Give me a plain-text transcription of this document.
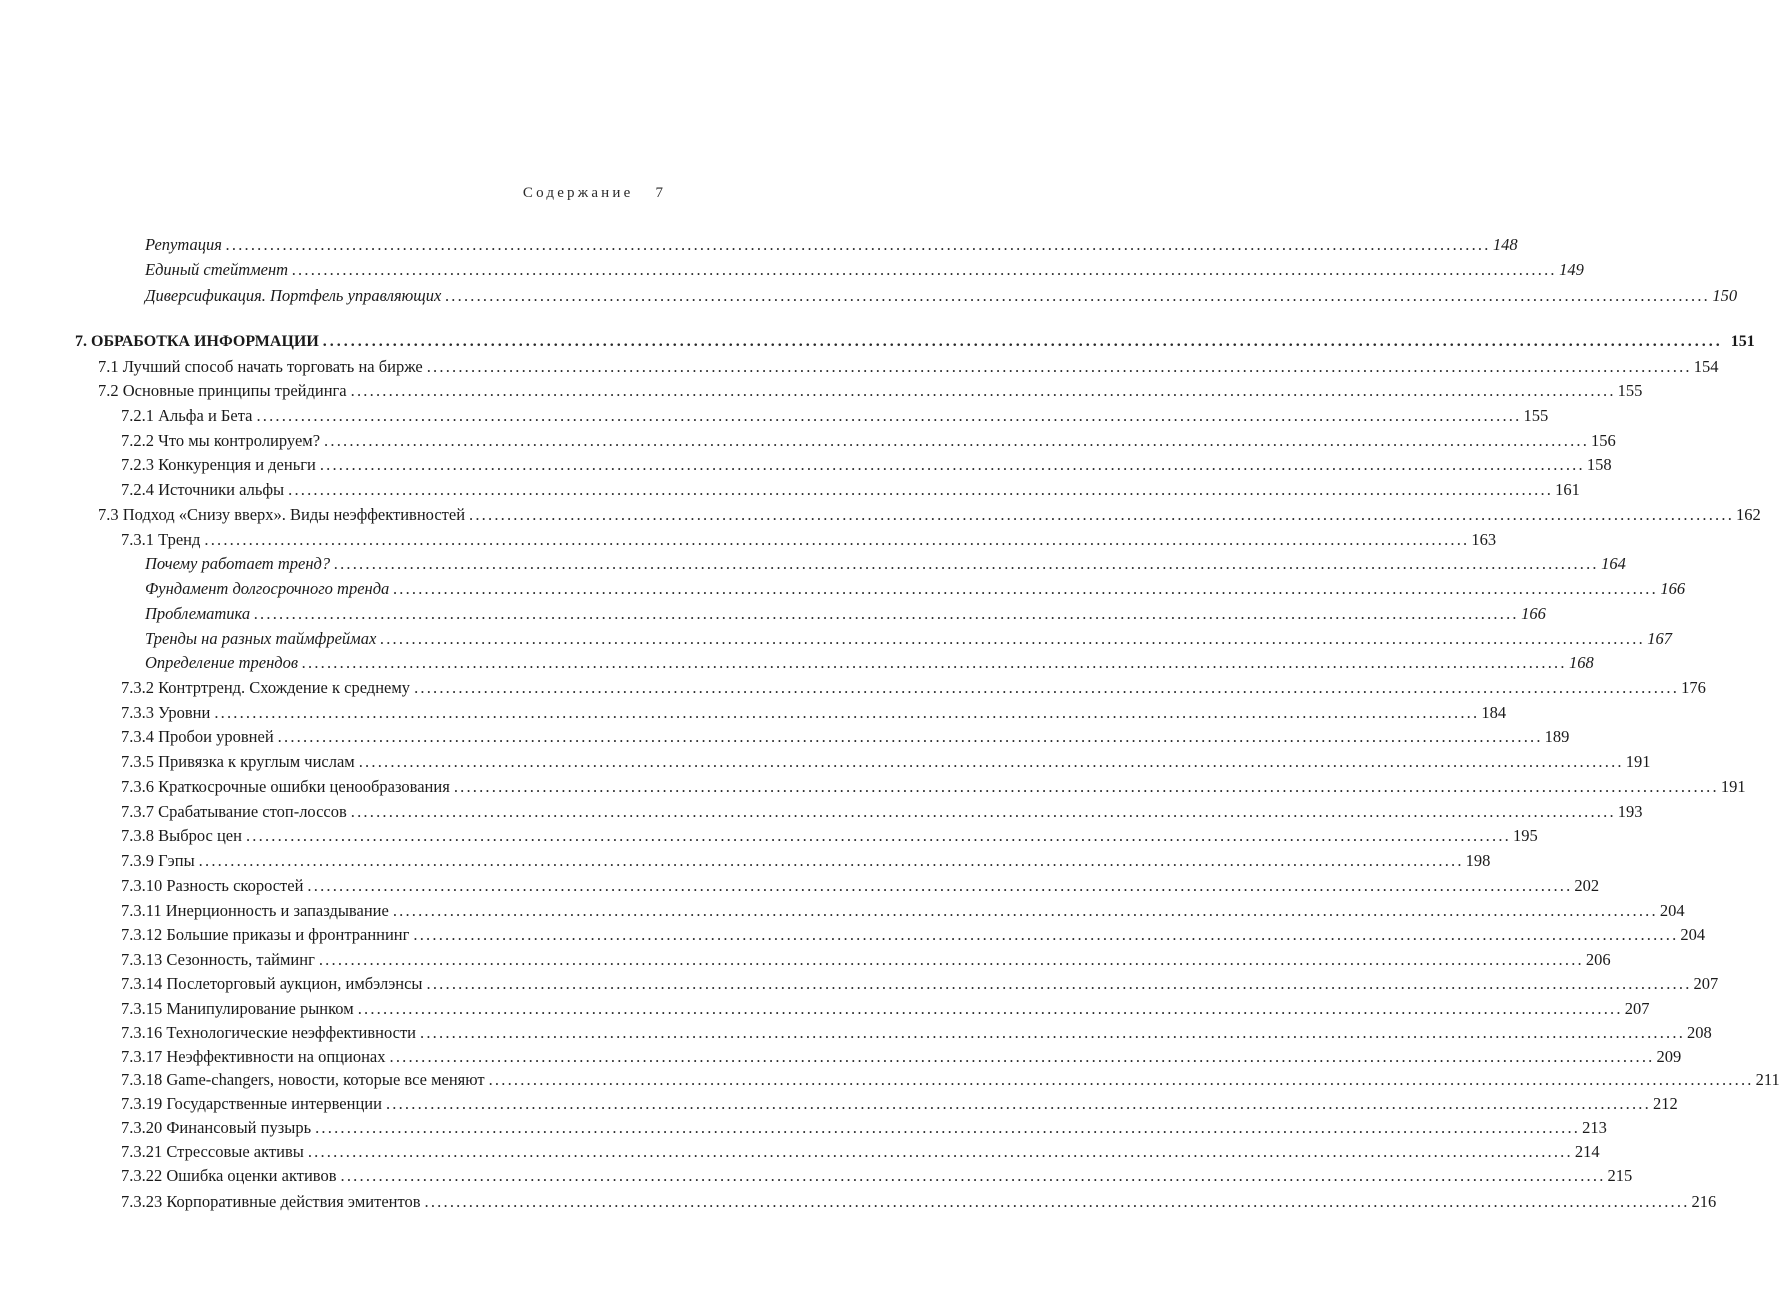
Содержание 7
Репутация ........................................................................................................................................................................................................ 148
Единый стейтмент ........................................................................................................................................................................................................ 149
Диверсификация. Портфель управляющих ........................................................................................................................................................................................................ 150
7. ОБРАБОТКА ИНФОРМАЦИИ ........................................................................................................................................................................................................ 151
7.1 Лучший способ начать торговать на бирже ........................................................................................................................................................................................................ 154
7.2 Основные принципы трейдинга ........................................................................................................................................................................................................ 155
7.2.1 Альфа и Бета ........................................................................................................................................................................................................ 155
7.2.2 Что мы контролируем? ........................................................................................................................................................................................................ 156
7.2.3 Конкуренция и деньги ........................................................................................................................................................................................................ 158
7.2.4 Источники альфы ........................................................................................................................................................................................................ 161
7.3 Подход «Снизу вверх». Виды неэффективностей ........................................................................................................................................................................................................ 162
7.3.1 Тренд ........................................................................................................................................................................................................ 163
Почему работает тренд? ........................................................................................................................................................................................................ 164
Фундамент долгосрочного тренда ........................................................................................................................................................................................................ 166
Проблематика ........................................................................................................................................................................................................ 166
Тренды на разных таймфреймах ........................................................................................................................................................................................................ 167
Определение трендов ........................................................................................................................................................................................................ 168
7.3.2 Контртренд. Схождение к среднему ........................................................................................................................................................................................................ 176
7.3.3 Уровни ........................................................................................................................................................................................................ 184
7.3.4 Пробои уровней ........................................................................................................................................................................................................ 189
7.3.5 Привязка к круглым числам ........................................................................................................................................................................................................ 191
7.3.6 Краткосрочные ошибки ценообразования ........................................................................................................................................................................................................ 191
7.3.7 Срабатывание стоп-лоссов ........................................................................................................................................................................................................ 193
7.3.8 Выброс цен ........................................................................................................................................................................................................ 195
7.3.9 Гэпы ........................................................................................................................................................................................................ 198
7.3.10 Разность скоростей ........................................................................................................................................................................................................ 202
7.3.11 Инерционность и запаздывание ........................................................................................................................................................................................................ 204
7.3.12 Большие приказы и фронтраннинг ........................................................................................................................................................................................................ 204
7.3.13 Сезонность, тайминг ........................................................................................................................................................................................................ 206
7.3.14 Послеторговый аукцион, имбэлэнсы ........................................................................................................................................................................................................ 207
7.3.15 Манипулирование рынком ........................................................................................................................................................................................................ 207
7.3.16 Технологические неэффективности ........................................................................................................................................................................................................ 208
7.3.17 Неэффективности на опционах ........................................................................................................................................................................................................ 209
7.3.18 Game-changers, новости, которые все меняют ........................................................................................................................................................................................................ 211
7.3.19 Государственные интервенции ........................................................................................................................................................................................................ 212
7.3.20 Финансовый пузырь ........................................................................................................................................................................................................ 213
7.3.21 Стрессовые активы ........................................................................................................................................................................................................ 214
7.3.22 Ошибка оценки активов ........................................................................................................................................................................................................ 215
7.3.23 Корпоративные действия эмитентов ........................................................................................................................................................................................................ 216
